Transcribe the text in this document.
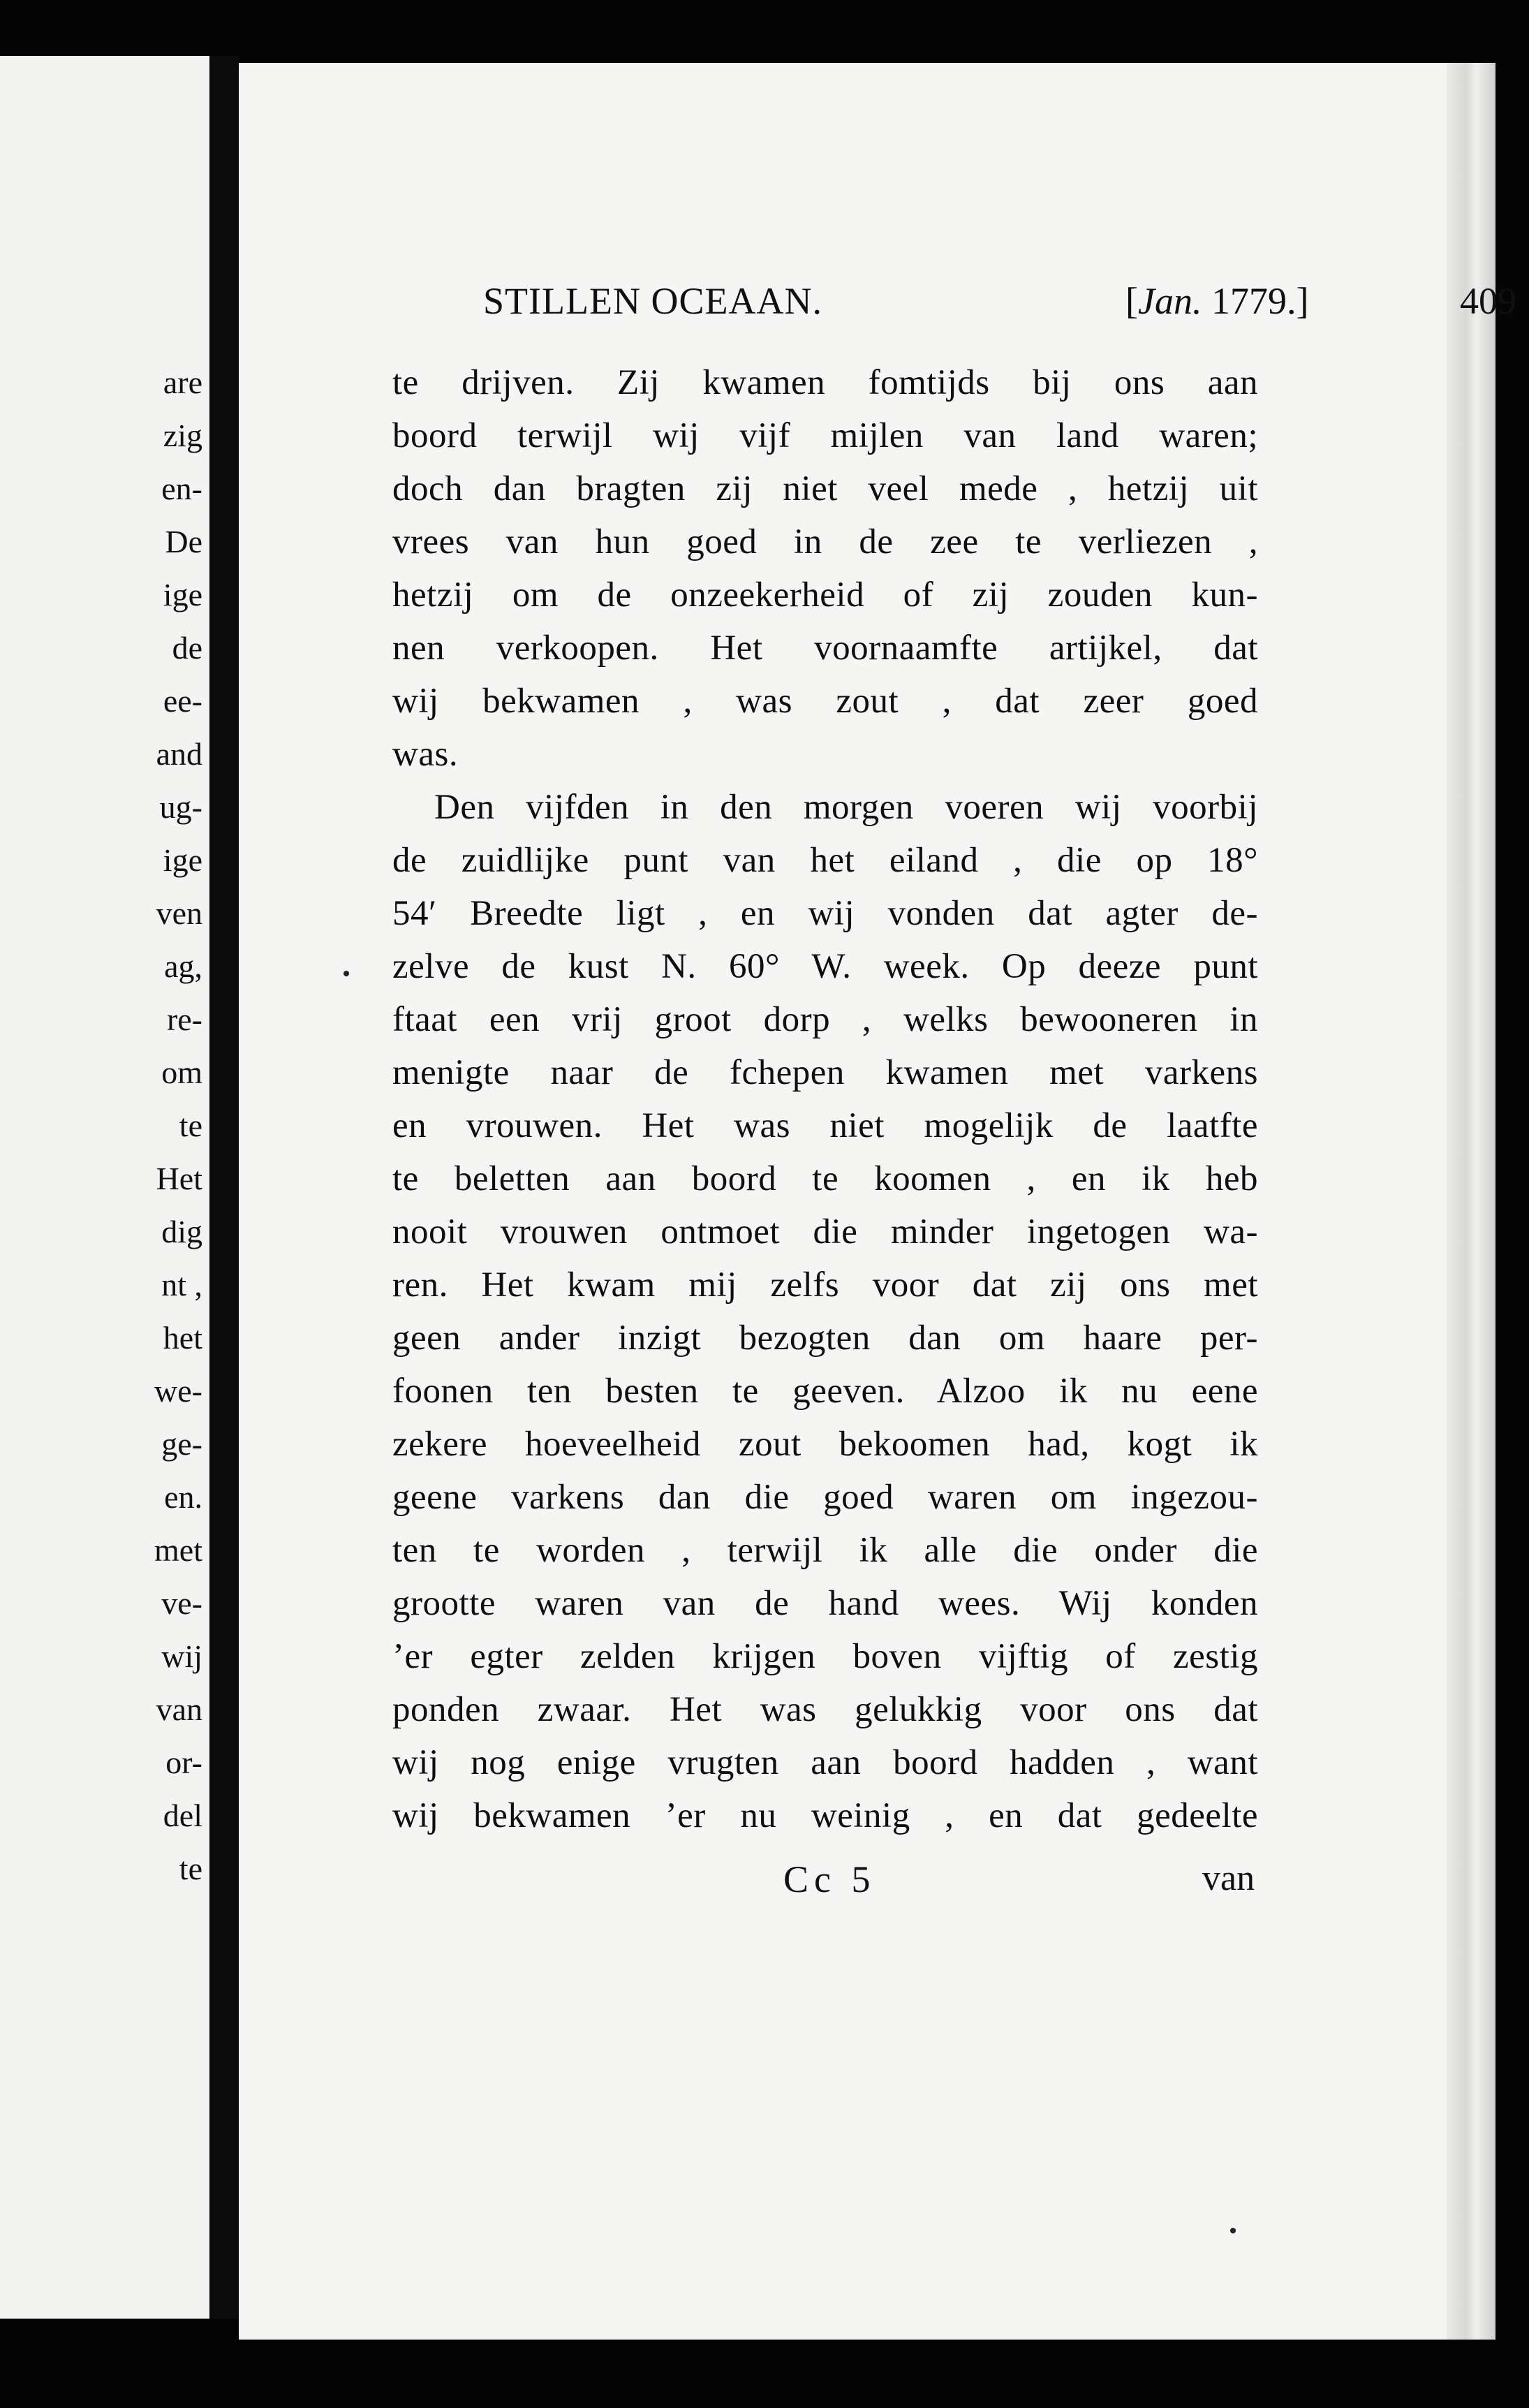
are
zig
en-
De
ige
de
ee-
and
ug-
ige
ven
ag,
re-
om
te
Het
dig
nt ,
het
we-
ge-
en.
met
ve-
wij
van
or-
del
te
STILLEN OCEAAN.	[Jan. 1779.]	409
te drijven. Zij kwamen fomtijds bij ons aan
boord terwijl wij vijf mijlen van land waren;
doch dan bragten zij niet veel mede , hetzij uit
vrees van hun goed in de zee te verliezen ,
hetzij om de onzeekerheid of zij zouden kun-
nen verkoopen. Het voornaamfte artijkel, dat
wij bekwamen , was zout , dat zeer goed
was.
Den vijfden in den morgen voeren wij voorbij
de zuidlijke punt van het eiland , die op 18°
54′ Breedte ligt , en wij vonden dat agter de-
zelve de kust N. 60° W. week. Op deeze punt
ftaat een vrij groot dorp , welks bewooneren in
menigte naar de fchepen kwamen met varkens
en vrouwen. Het was niet mogelijk de laatfte
te beletten aan boord te koomen , en ik heb
nooit vrouwen ontmoet die minder ingetogen wa-
ren. Het kwam mij zelfs voor dat zij ons met
geen ander inzigt bezogten dan om haare per-
foonen ten besten te geeven. Alzoo ik nu eene
zekere hoeveelheid zout bekoomen had, kogt ik
geene varkens dan die goed waren om ingezou-
ten te worden , terwijl ik alle die onder die
grootte waren van de hand wees. Wij konden
’er egter zelden krijgen boven vijftig of zestig
ponden zwaar. Het was gelukkig voor ons dat
wij nog enige vrugten aan boord hadden , want
wij bekwamen ’er nu weinig , en dat gedeelte
Cc 5	van
